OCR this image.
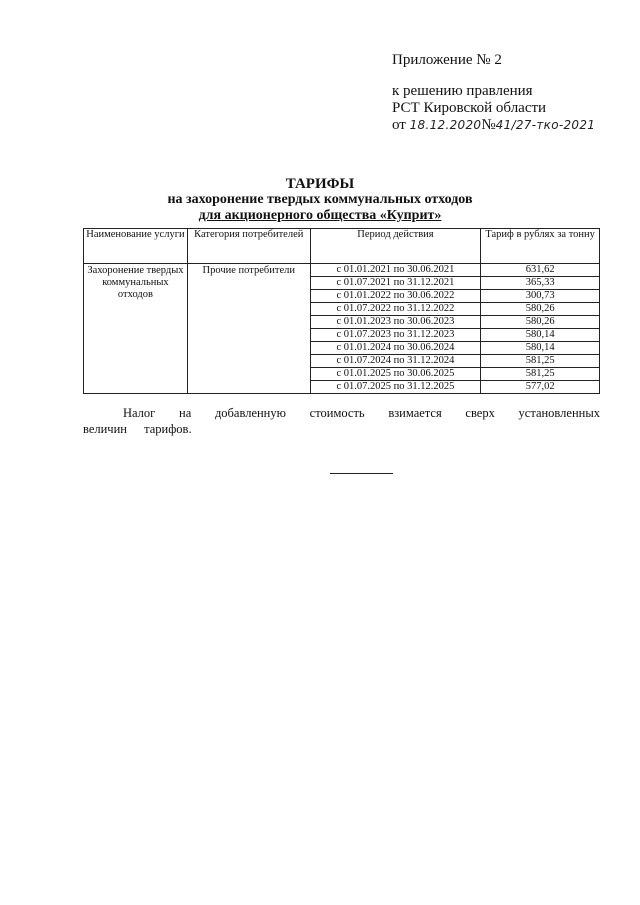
Приложение № 2
к решению правления
РСТ Кировской области
от 18.12.2020№41/27-тко-2021
ТАРИФЫ
на захоронение твердых коммунальных отходов
для акционерного общества «Куприт»
Наименование услуги	Категория потребителей	Период действия	Тариф в рублях за тонну
Захоронение твердых коммунальных отходов	Прочие потребители	с 01.01.2021 по 30.06.2021	631,62
		с 01.07.2021 по 31.12.2021	365,33
		с 01.01.2022 по 30.06.2022	300,73
		с 01.07.2022 по 31.12.2022	580,26
		с 01.01.2023 по 30.06.2023	580,26
		с 01.07.2023 по 31.12.2023	580,14
		с 01.01.2024 по 30.06.2024	580,14
		с 01.07.2024 по 31.12.2024	581,25
		с 01.01.2025 по 30.06.2025	581,25
		с 01.07.2025 по 31.12.2025	577,02
Налог на добавленную стоимость взимается сверх установленных величин тарифов.
